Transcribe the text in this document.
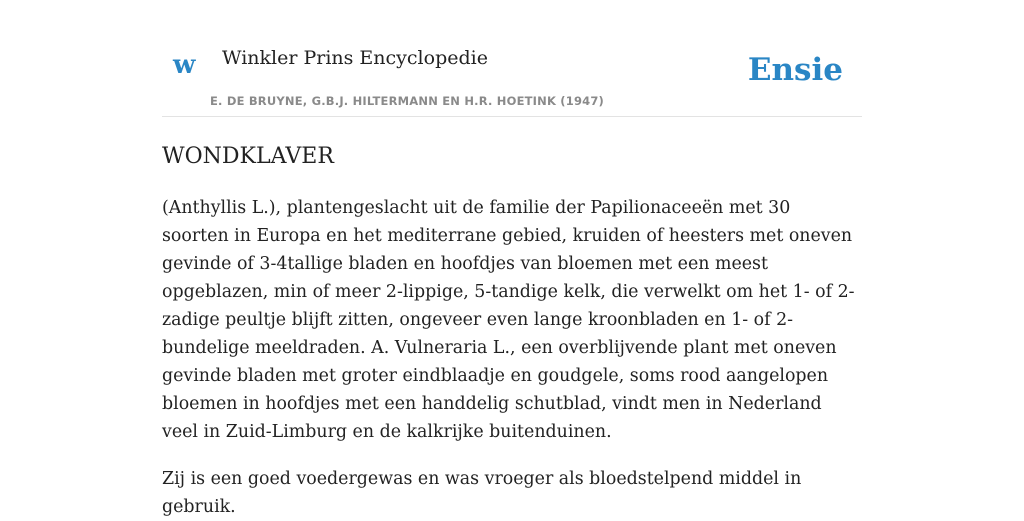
w Winkler Prins Encyclopedie
E. DE BRUYNE, G.B.J. HILTERMANN EN H.R. HOETINK (1947)
Ensie
WONDKLAVER

(Anthyllis L.), plantengeslacht uit de familie der Papilionaceeën met 30 soorten in Europa en het mediterrane gebied, kruiden of heesters met oneven gevinde of 3-4tallige bladen en hoofdjes van bloemen met een meest opgeblazen, min of meer 2-lippige, 5-tandige kelk, die verwelkt om het 1- of 2-zadige peultje blijft zitten, ongeveer even lange kroonbladen en 1- of 2-bundelige meeldraden. A. Vulneraria L., een overblijvende plant met oneven gevinde bladen met groter eindblaadje en goudgele, soms rood aangelopen bloemen in hoofdjes met een handdelig schutblad, vindt men in Nederland veel in Zuid-Limburg en de kalkrijke buitenduinen.

Zij is een goed voedergewas en was vroeger als bloedstelpend middel in gebruik.
